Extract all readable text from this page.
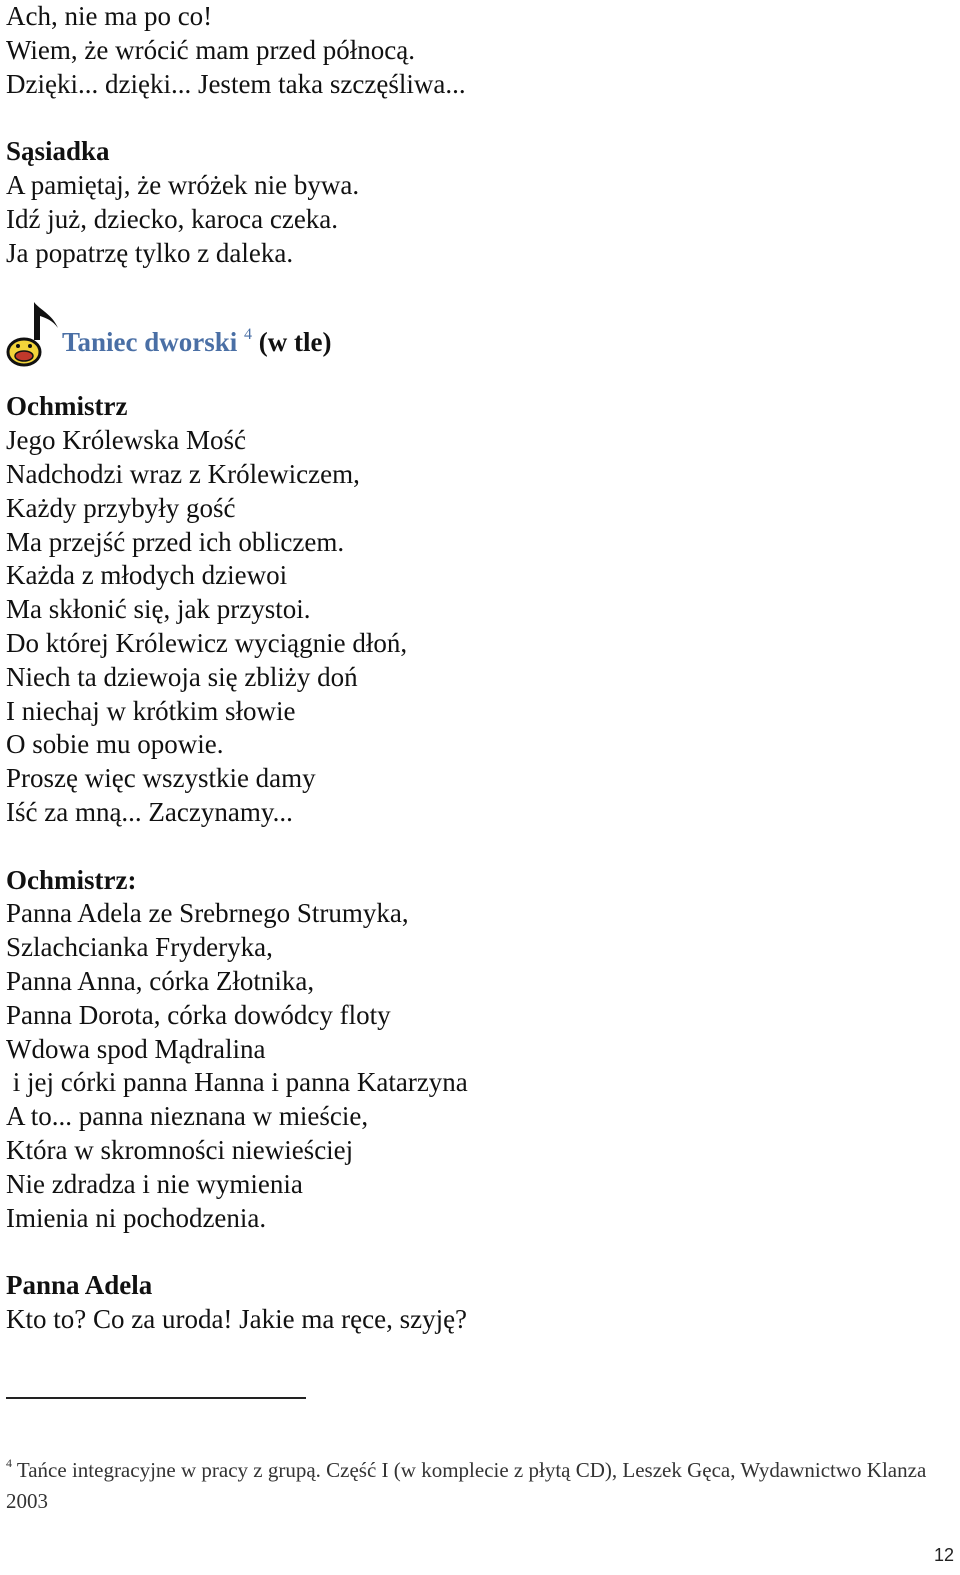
Ach, nie ma po co!
Wiem, że wrócić mam przed północą.
Dzięki... dzięki... Jestem taka szczęśliwa...
Sąsiadka
A pamiętaj, że wróżek nie bywa.
Idź już, dziecko, karoca czeka.
Ja popatrzę tylko z daleka.
Taniec dworski $^4$ (w tle)
Ochmistrz
Jego Królewska Mość
Nadchodzi wraz z Królewiczem,
Każdy przybyły gość
Ma przejść przed ich obliczem.
Każda z młodych dziewoi
Ma skłonić się, jak przystoi.
Do której Królewicz wyciągnie dłoń,
Niech ta dziewoja się zbliży doń
I niechaj w krótkim słowie
O sobie mu opowie.
Proszę więc wszystkie damy
Iść za mną... Zaczynamy...
Ochmistrz:
Panna Adela ze Srebrnego Strumyka,
Szlachcianka Fryderyka,
Panna Anna, córka Złotnika,
Panna Dorota, córka dowódcy floty
Wdowa spod Mądralina
i jej córki panna Hanna i panna Katarzyna
A to... panna nieznana w mieście,
Która w skromności niewieściej
Nie zdradza i nie wymienia
Imienia ni pochodzenia.
Panna Adela
Kto to? Co za uroda! Jakie ma ręce, szyję?
$^4$ Tańce integracyjne w pracy z grupą. Część I (w komplecie z płytą CD), Leszek Gęca, Wydawnictwo Klanza 2003
12
